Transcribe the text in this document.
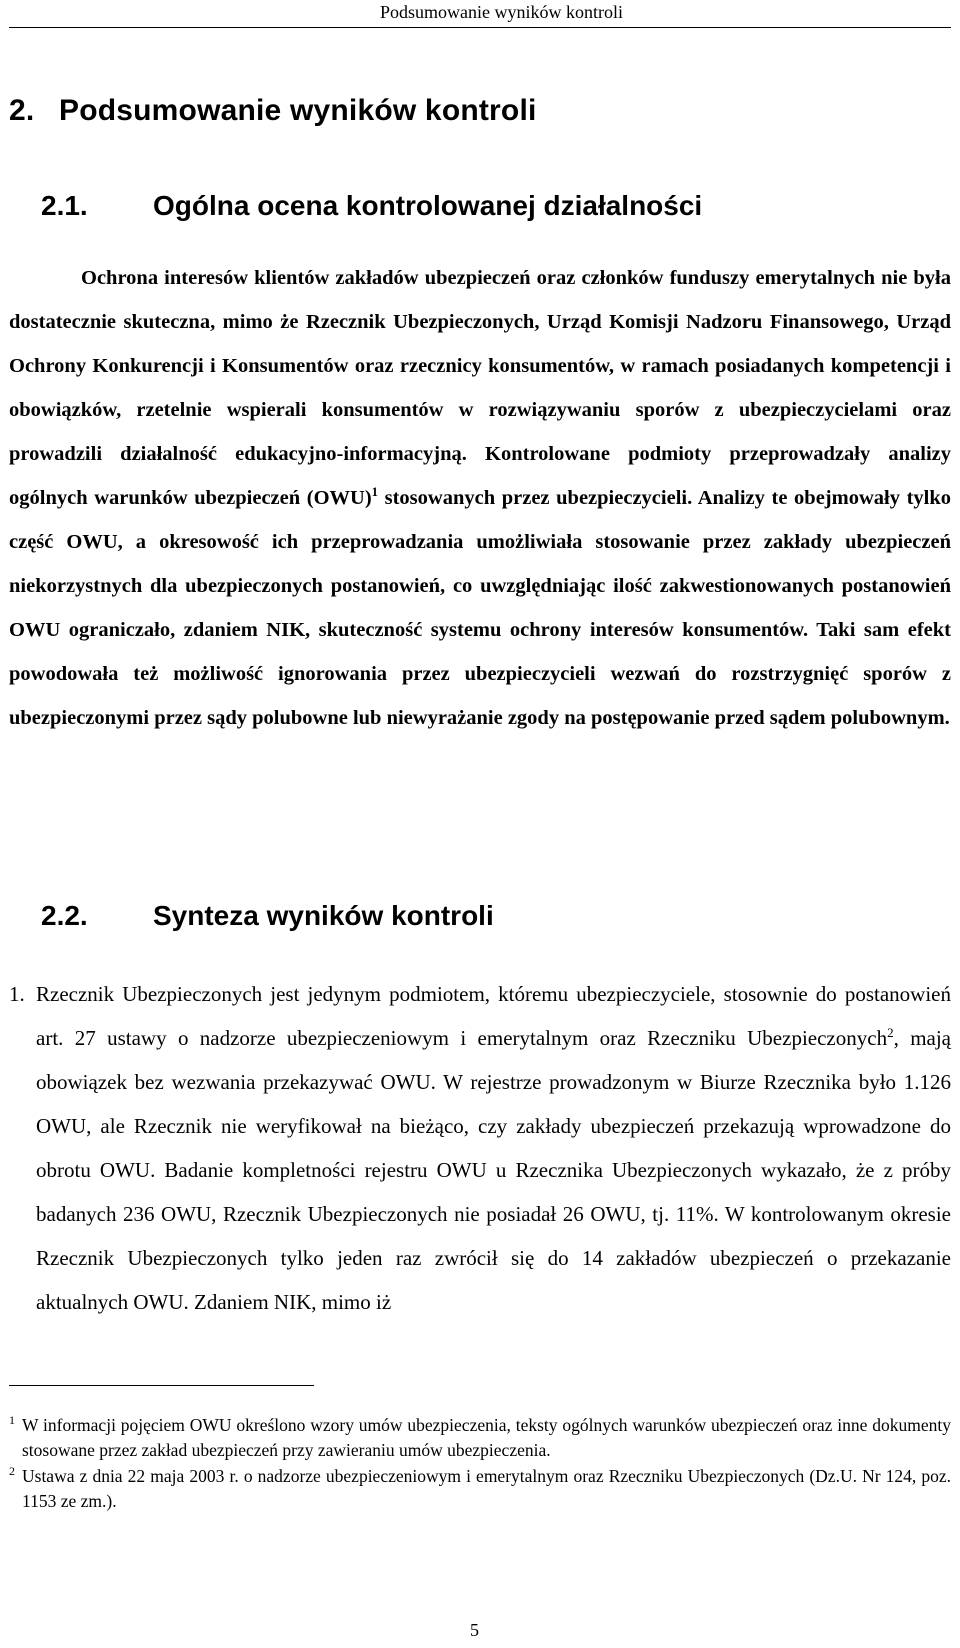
Podsumowanie wyników kontroli
2. Podsumowanie wyników kontroli
2.1. Ogólna ocena kontrolowanej działalności
Ochrona interesów klientów zakładów ubezpieczeń oraz członków funduszy emerytalnych nie była dostatecznie skuteczna, mimo że Rzecznik Ubezpieczonych, Urząd Komisji Nadzoru Finansowego, Urząd Ochrony Konkurencji i Konsumentów oraz rzecznicy konsumentów, w ramach posiadanych kompetencji i obowiązków, rzetelnie wspierali konsumentów w rozwiązywaniu sporów z ubezpieczycielami oraz prowadzili działalność edukacyjno-informacyjną. Kontrolowane podmioty przeprowadzały analizy ogólnych warunków ubezpieczeń (OWU)$^1$ stosowanych przez ubezpieczycieli. Analizy te obejmowały tylko część OWU, a okresowość ich przeprowadzania umożliwiała stosowanie przez zakłady ubezpieczeń niekorzystnych dla ubezpieczonych postanowień, co uwzględniając ilość zakwestionowanych postanowień OWU ograniczało, zdaniem NIK, skuteczność systemu ochrony interesów konsumentów. Taki sam efekt powodowała też możliwość ignorowania przez ubezpieczycieli wezwań do rozstrzygnięć sporów z ubezpieczonymi przez sądy polubowne lub niewyrażanie zgody na postępowanie przed sądem polubownym.
2.2. Synteza wyników kontroli
1. Rzecznik Ubezpieczonych jest jedynym podmiotem, któremu ubezpieczyciele, stosownie do postanowień art. 27 ustawy o nadzorze ubezpieczeniowym i emerytalnym oraz Rzeczniku Ubezpieczonych$^2$, mają obowiązek bez wezwania przekazywać OWU. W rejestrze prowadzonym w Biurze Rzecznika było 1.126 OWU, ale Rzecznik nie weryfikował na bieżąco, czy zakłady ubezpieczeń przekazują wprowadzone do obrotu OWU. Badanie kompletności rejestru OWU u Rzecznika Ubezpieczonych wykazało, że z próby badanych 236 OWU, Rzecznik Ubezpieczonych nie posiadał 26 OWU, tj. 11%. W kontrolowanym okresie Rzecznik Ubezpieczonych tylko jeden raz zwrócił się do 14 zakładów ubezpieczeń o przekazanie aktualnych OWU. Zdaniem NIK, mimo iż
1 W informacji pojęciem OWU określono wzory umów ubezpieczenia, teksty ogólnych warunków ubezpieczeń oraz inne dokumenty stosowane przez zakład ubezpieczeń przy zawieraniu umów ubezpieczenia.
2 Ustawa z dnia 22 maja 2003 r. o nadzorze ubezpieczeniowym i emerytalnym oraz Rzeczniku Ubezpieczonych (Dz.U. Nr 124, poz. 1153 ze zm.).
5
